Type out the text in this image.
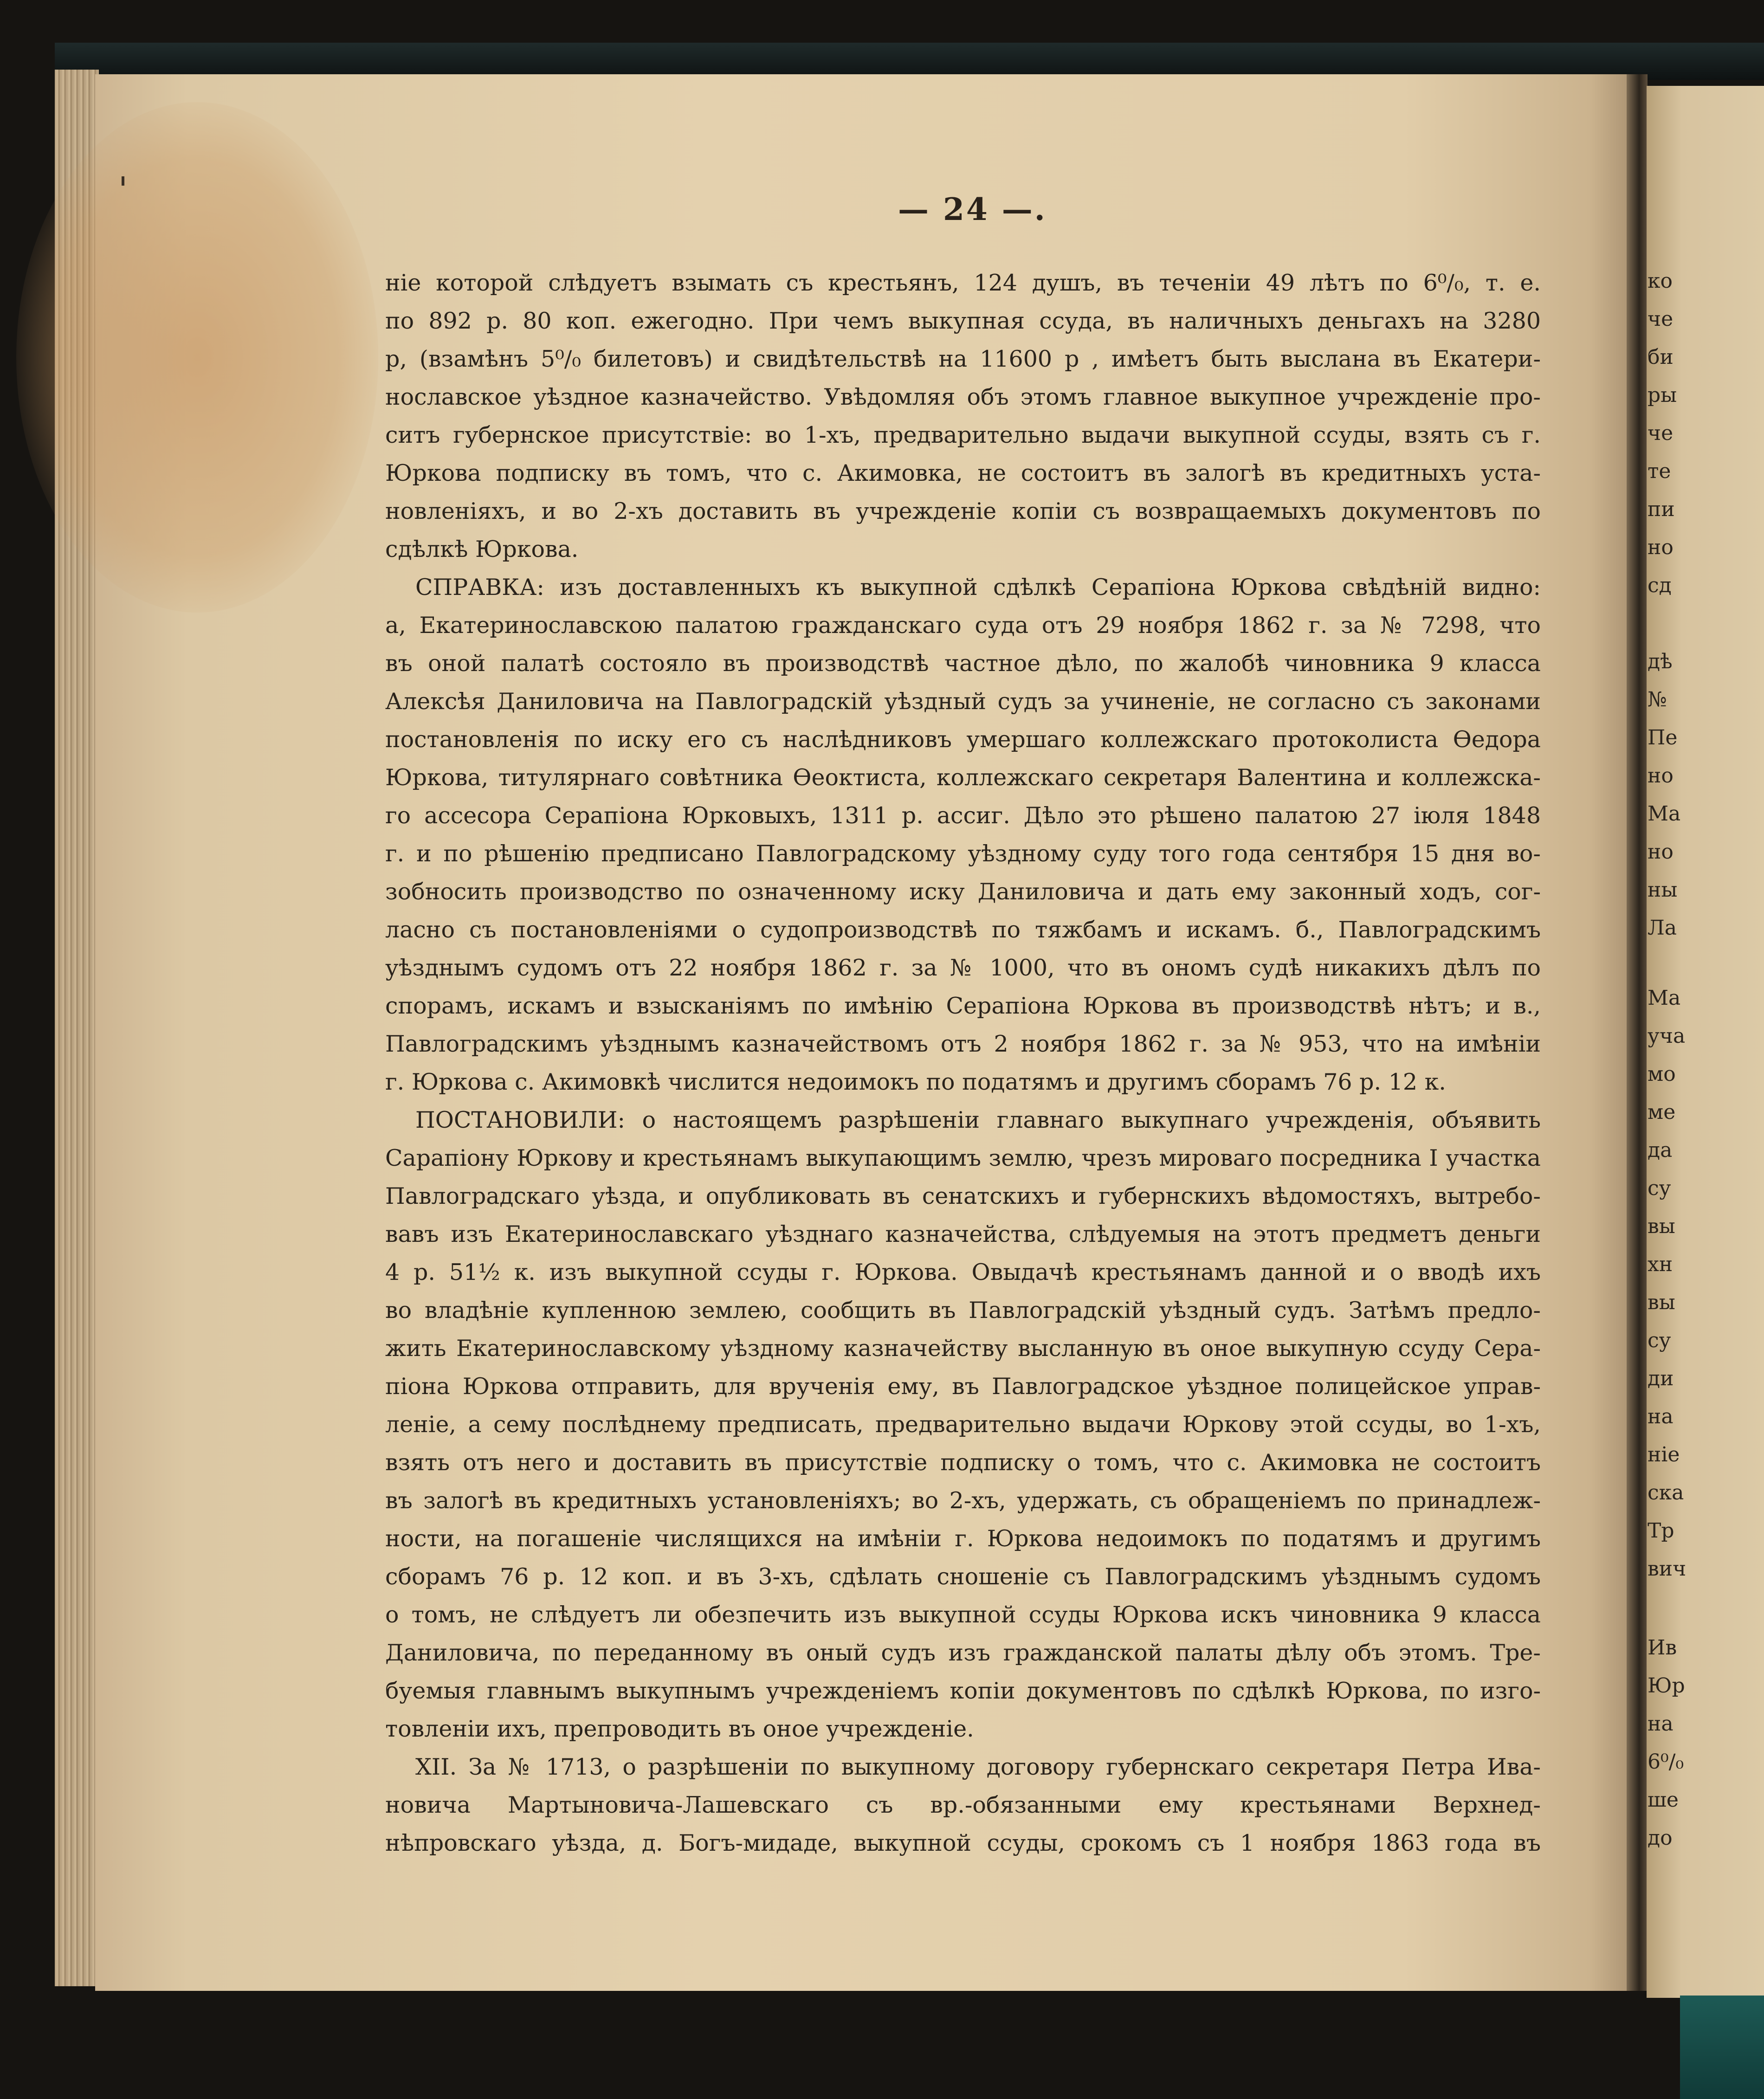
ко
че
би
ры
че
те
пи
но
сд
дѣ
№
Пе
но
Ма
но
ны
Ла
Ма
уча
мо
ме
да
су
вы
хн
вы
су
ди
на
ніе
ска
Тр
вич
Ив
Юр
на
6⁰/₀
ше
до
— 24 —.
ніе которой слѣдуетъ взымать съ крестьянъ, 124 душъ, въ теченіи 49 лѣтъ по 6⁰/₀, т. е.
по 892 р. 80 коп. ежегодно. При чемъ выкупная ссуда, въ наличныхъ деньгахъ на 3280
р, (взамѣнъ 5⁰/₀ билетовъ) и свидѣтельствѣ на 11600 р , имѣетъ быть выслана въ Екатери-
нославское уѣздное казначейство. Увѣдомляя объ этомъ главное выкупное учрежденіе про-
ситъ губернское присутствіе: во 1-хъ, предварительно выдачи выкупной ссуды, взять съ г.
Юркова подписку въ томъ, что с. Акимовка, не состоитъ въ залогѣ въ кредитныхъ уста-
новленіяхъ, и во 2-хъ доставить въ учрежденіе копіи съ возвращаемыхъ документовъ по
сдѣлкѣ Юркова.
СПРАВКА: изъ доставленныхъ къ выкупной сдѣлкѣ Серапіона Юркова свѣдѣній видно:
а, Екатеринославскою палатою гражданскаго суда отъ 29 ноября 1862 г. за № 7298, что
въ оной палатѣ состояло въ производствѣ частное дѣло, по жалобѣ чиновника 9 класса
Алексѣя Даниловича на Павлоградскій уѣздный судъ за учиненіе, не согласно съ законами
постановленія по иску его съ наслѣдниковъ умершаго коллежскаго протоколиста Ѳедора
Юркова, титулярнаго совѣтника Ѳеоктиста, коллежскаго секретаря Валентина и коллежска-
го ассесора Серапіона Юрковыхъ, 1311 р. ассиг. Дѣло это рѣшено палатою 27 іюля 1848
г. и по рѣшенію предписано Павлоградскому уѣздному суду того года сентября 15 дня во-
зобносить производство по означенному иску Даниловича и дать ему законный ходъ, сог-
ласно съ постановленіями о судопроизводствѣ по тяжбамъ и искамъ. б., Павлоградскимъ
уѣзднымъ судомъ отъ 22 ноября 1862 г. за № 1000, что въ ономъ судѣ никакихъ дѣлъ по
спорамъ, искамъ и взысканіямъ по имѣнію Серапіона Юркова въ производствѣ нѣтъ; и в.,
Павлоградскимъ уѣзднымъ казначействомъ отъ 2 ноября 1862 г. за № 953, что на имѣніи
г. Юркова с. Акимовкѣ числится недоимокъ по податямъ и другимъ сборамъ 76 р. 12 к.
ПОСТАНОВИЛИ: о настоящемъ разрѣшеніи главнаго выкупнаго учрежденія, объявить
Сарапіону Юркову и крестьянамъ выкупающимъ землю, чрезъ мироваго посредника I участка
Павлоградскаго уѣзда, и опубликовать въ сенатскихъ и губернскихъ вѣдомостяхъ, вытребо-
вавъ изъ Екатеринославскаго уѣзднаго казначейства, слѣдуемыя на этотъ предметъ деньги
4 р. 51½ к. изъ выкупной ссуды г. Юркова. Овыдачѣ крестьянамъ данной и о вводѣ ихъ
во владѣніе купленною землею, сообщить въ Павлоградскій уѣздный судъ. Затѣмъ предло-
жить Екатеринославскому уѣздному казначейству высланную въ оное выкупную ссуду Сера-
піона Юркова отправить, для врученія ему, въ Павлоградское уѣздное полицейское управ-
леніе, а сему послѣднему предписать, предварительно выдачи Юркову этой ссуды, во 1-хъ,
взять отъ него и доставить въ присутствіе подписку о томъ, что с. Акимовка не состоитъ
въ залогѣ въ кредитныхъ установленіяхъ; во 2-хъ, удержать, съ обращеніемъ по принадлеж-
ности, на погашеніе числящихся на имѣніи г. Юркова недоимокъ по податямъ и другимъ
сборамъ 76 р. 12 коп. и въ 3-хъ, сдѣлать сношеніе съ Павлоградскимъ уѣзднымъ судомъ
о томъ, не слѣдуетъ ли обезпечить изъ выкупной ссуды Юркова искъ чиновника 9 класса
Даниловича, по переданному въ оный судъ изъ гражданской палаты дѣлу объ этомъ. Тре-
буемыя главнымъ выкупнымъ учрежденіемъ копіи документовъ по сдѣлкѣ Юркова, по изго-
товленіи ихъ, препроводить въ оное учрежденіе.
XII. За № 1713, о разрѣшеніи по выкупному договору губернскаго секретаря Петра Ива-
новича Мартыновича-Лашевскаго съ вр.-обязанными ему крестьянами Верхнед-
нѣпровскаго уѣзда, д. Богъ-мидаде, выкупной ссуды, срокомъ съ 1 ноября 1863 года въ
